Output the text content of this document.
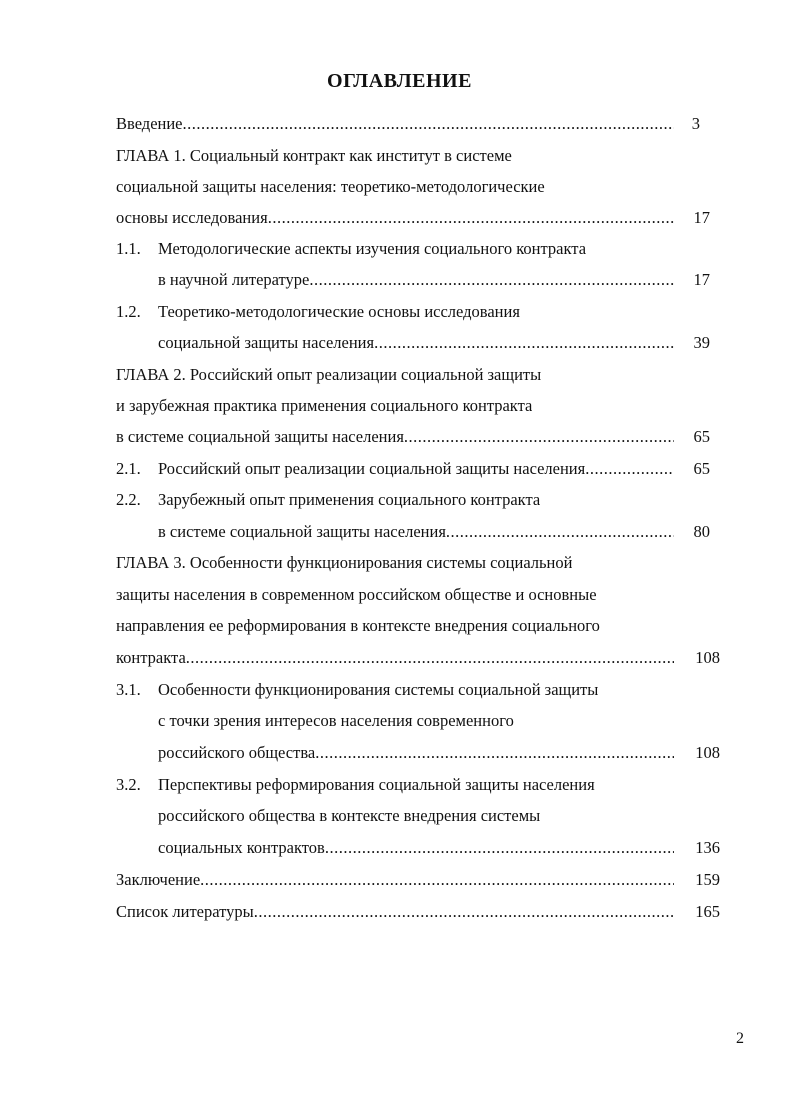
ОГЛАВЛЕНИЕ
Введение .....	3
ГЛАВА 1. Социальный контракт как институт в системе
социальной защиты населения: теоретико-методологические
основы исследования .....	17
1.1. Методологические аспекты изучения социального контракта
в научной литературе .....	17
1.2. Теоретико-методологические основы исследования
социальной защиты населения .....	39
ГЛАВА 2. Российский опыт реализации социальной защиты
и зарубежная практика применения социального контракта
в системе социальной защиты населения .....	65
2.1. Российский опыт реализации социальной защиты населения .....	65
2.2. Зарубежный опыт применения социального контракта
в системе социальной защиты населения .....	80
ГЛАВА 3. Особенности функционирования системы социальной
защиты населения в современном российском обществе и основные
направления ее реформирования в контексте внедрения социального
контракта .....	108
3.1. Особенности функционирования системы социальной защиты
с точки зрения интересов населения современного
российского общества .....	108
3.2. Перспективы реформирования социальной защиты населения
российского общества в контексте внедрения системы
социальных контрактов .....	136
Заключение .....	159
Список литературы .....	165
2
